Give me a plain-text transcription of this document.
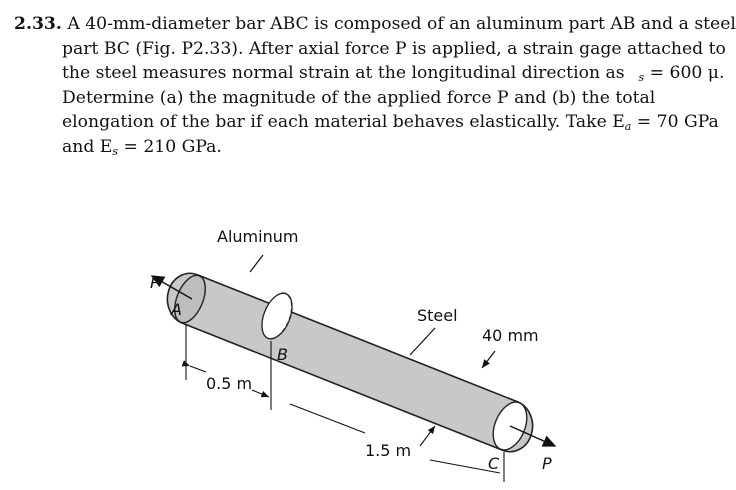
2.33. A 40-mm-diameter bar ABC is composed of an aluminum part AB and a steel
part BC (Fig. P2.33). After axial force P is applied, a strain gage attached to
the steel measures normal strain at the longitudinal direction as $_s$ = 600 μ.
Determine (a) the magnitude of the applied force P and (b) the total
elongation of the bar if each material behaves elastically. Take $E_a = 70$ GPa
and $E_s = 210$ GPa.
Aluminum
Steel
40 mm
0.5 m
1.5 m
A
B
C
P
P
